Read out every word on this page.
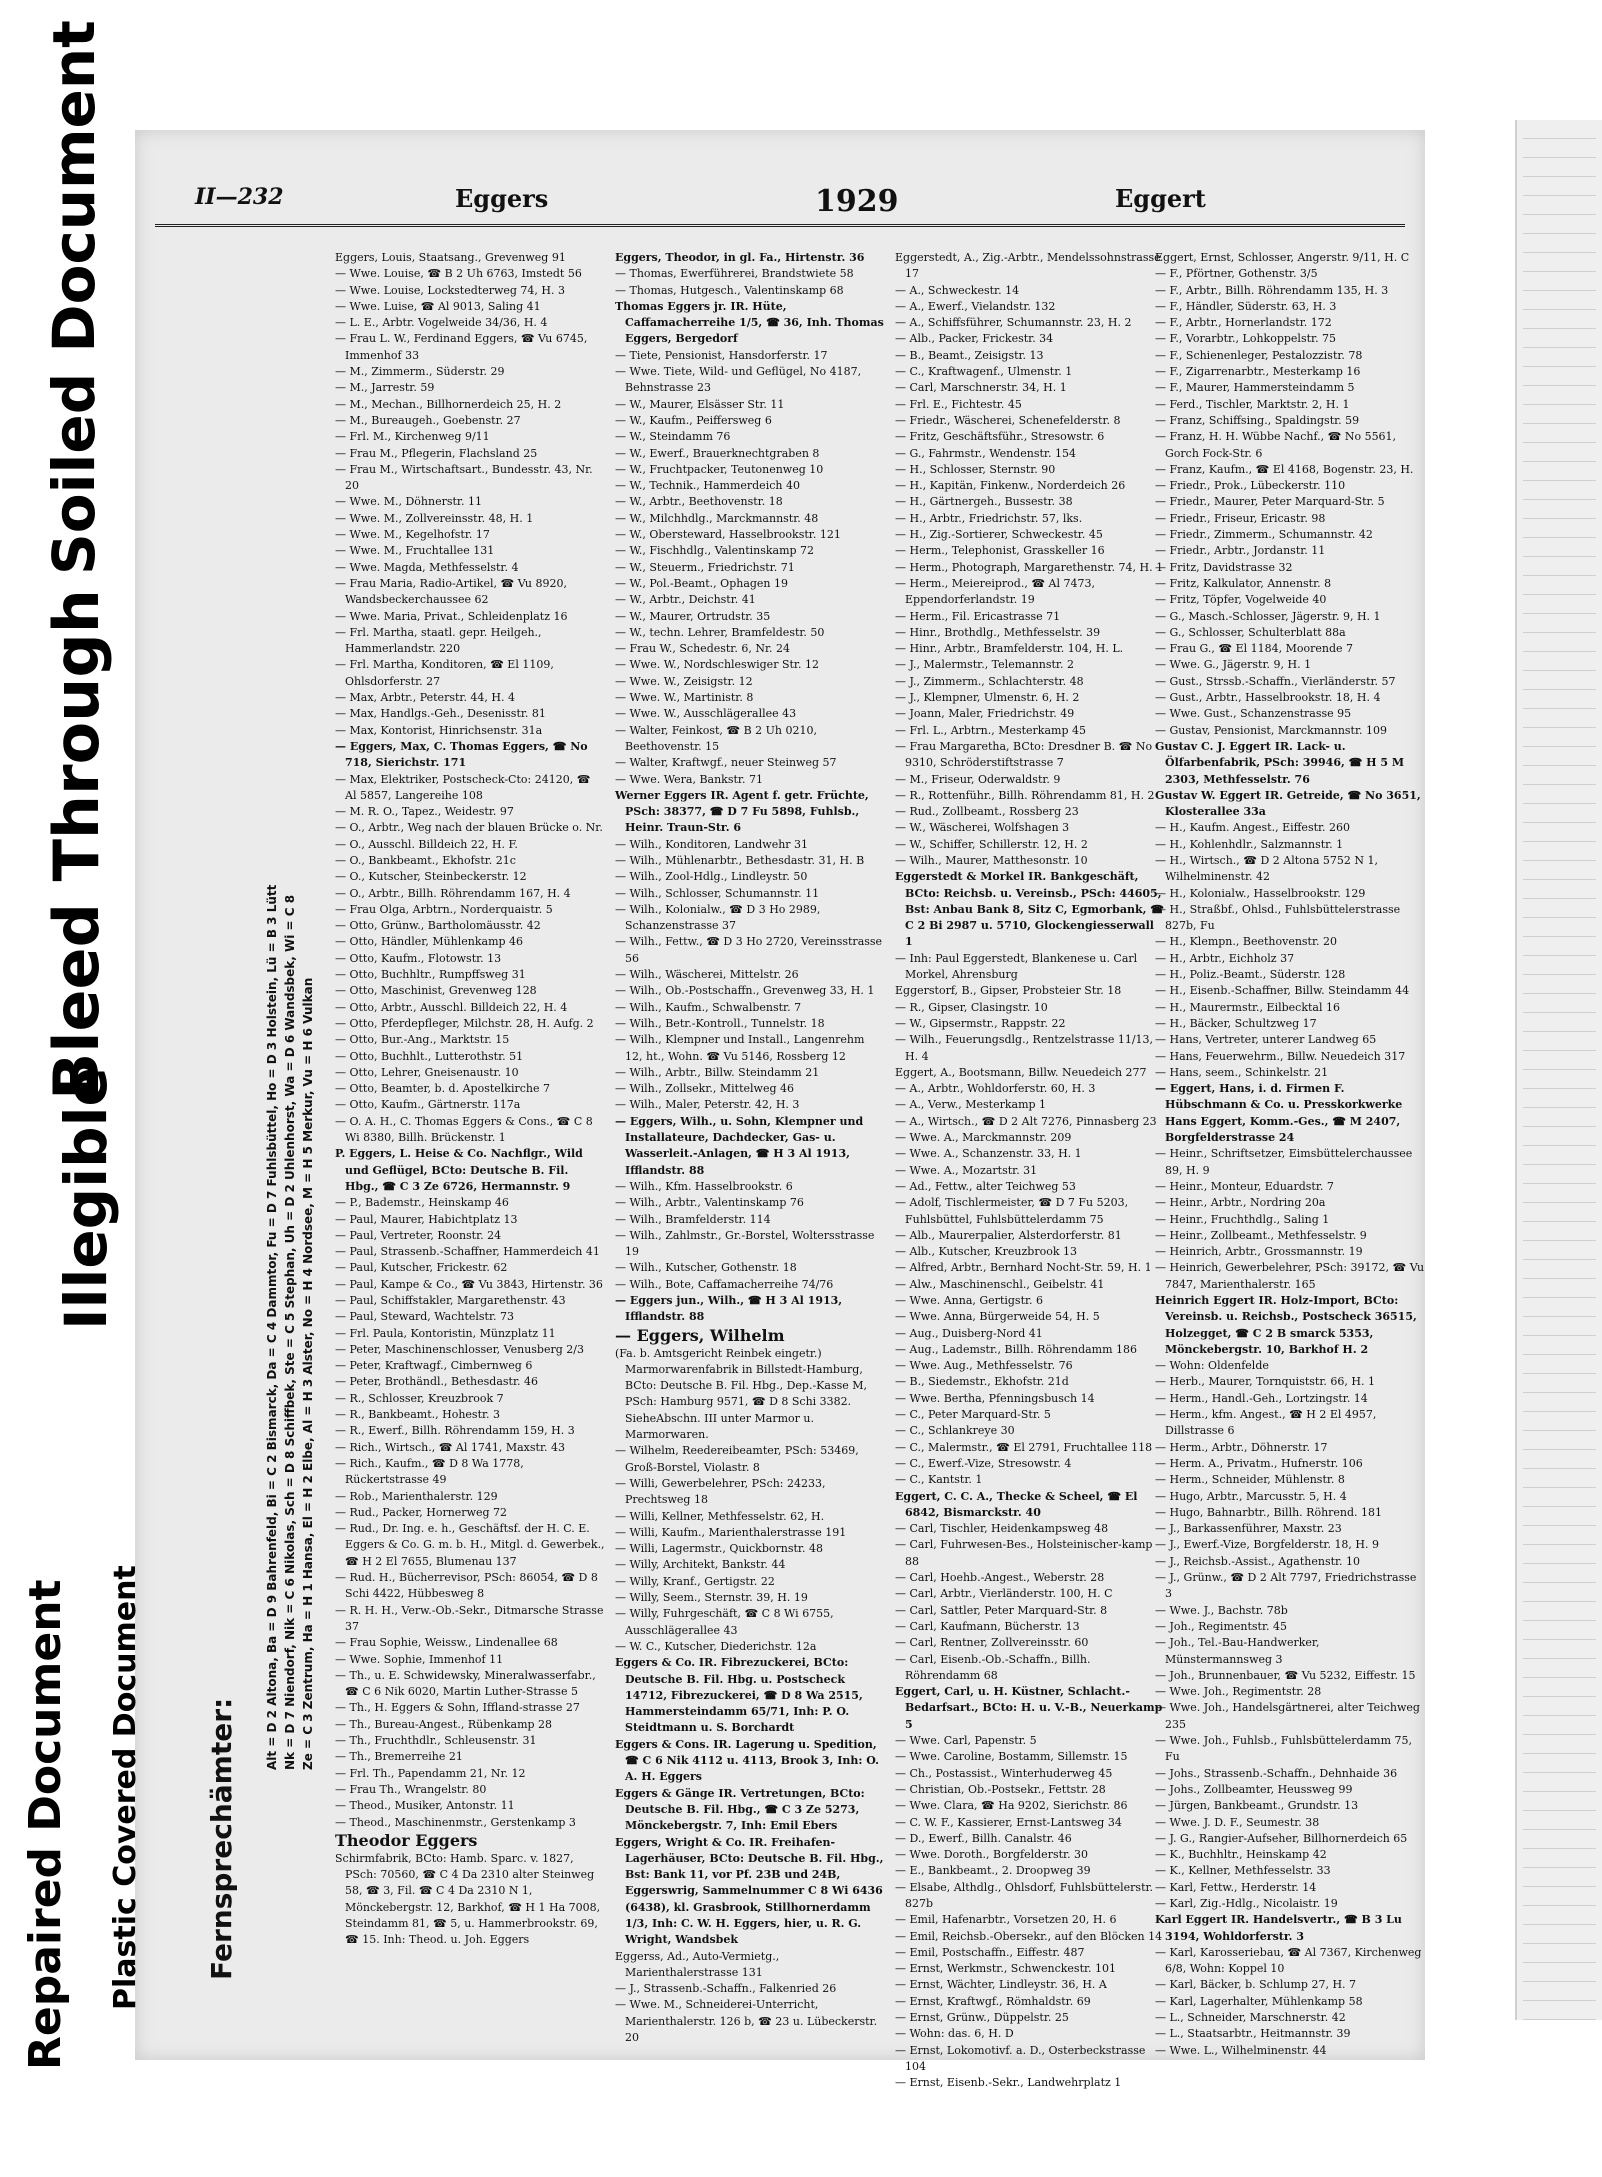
II—232	Eggers	1929	Eggert
Fernsprechämter:
Alt = D 2 Altona, Ba = D 9 Bahrenfeld, Bi = C 2 Bismarck, Da = C 4 Dammtor, Fu = D 7 Fuhlsbüttel, Ho = D 3 Holstein, Lü = B 3 Lütt Nk = D 7 Niendorf, Nik = C 6 Nikolas, Sch = D 8 Schiffbek, Ste = C 5 Stephan, Uh = D 2 Uhlenhorst, Wa = D 6 Wandsbek, Wi = C 8 Ze = C 3 Zentrum, Ha = H 1 Hansa, El = H 2 Elbe, Al = H 3 Alster, No = H 4 Nordsee, M = H 5 Merkur, Vu = H 6 Vulkan

Eggers, Louis, Staatsang., Grevenweg 91

— Wwe. Louise, ☎ B 2 Uh 6763, Imstedt 56

— Wwe. Louise, Lockstedterweg 74, H. 3

— Wwe. Luise, ☎ Al 9013, Saling 41

— L. E., Arbtr. Vogelweide 34/36, H. 4

— Frau L. W., Ferdinand Eggers, ☎ Vu 6745, Immenhof 33

— M., Zimmerm., Süderstr. 29

— M., Jarrestr. 59

— M., Mechan., Billhornerdeich 25, H. 2

— M., Bureaugeh., Goebenstr. 27

— Frl. M., Kirchenweg 9/11

— Frau M., Pflegerin, Flachsland 25

— Frau M., Wirtschaftsart., Bundesstr. 43, Nr. 20

— Wwe. M., Döhnerstr. 11

— Wwe. M., Zollvereinsstr. 48, H. 1

— Wwe. M., Kegelhofstr. 17

— Wwe. M., Fruchtallee 131

— Wwe. Magda, Methfesselstr. 4

— Frau Maria, Radio-Artikel, ☎ Vu 8920, Wandsbeckerchaussee 62

— Wwe. Maria, Privat., Schleidenplatz 16

— Frl. Martha, staatl. gepr. Heilgeh., Hammerlandstr. 220

— Frl. Martha, Konditoren, ☎ El 1109, Ohlsdorferstr. 27

— Max, Arbtr., Peterstr. 44, H. 4

— Max, Handlgs.-Geh., Desenisstr. 81

— Max, Kontorist, Hinrichsenstr. 31a

— Eggers, Max, C. Thomas Eggers, ☎ No 718, Sierichstr. 171

— Max, Elektriker, Postscheck-Cto: 24120, ☎ Al 5857, Langereihe 108

— M. R. O., Tapez., Weidestr. 97

— O., Arbtr., Weg nach der blauen Brücke o. Nr.

— O., Ausschl. Billdeich 22, H. F.

— O., Bankbeamt., Ekhofstr. 21c

— O., Kutscher, Steinbeckerstr. 12

— O., Arbtr., Billh. Röhrendamm 167, H. 4

— Frau Olga, Arbtrn., Norderquaistr. 5

— Otto, Grünw., Bartholomäusstr. 42

— Otto, Händler, Mühlenkamp 46

— Otto, Kaufm., Flotowstr. 13

— Otto, Buchhltr., Rumpffsweg 31

— Otto, Maschinist, Grevenweg 128

— Otto, Arbtr., Ausschl. Billdeich 22, H. 4

— Otto, Pferdepfleger, Milchstr. 28, H. Aufg. 2

— Otto, Bur.-Ang., Marktstr. 15

— Otto, Buchhlt., Lutterothstr. 51

— Otto, Lehrer, Gneisenaustr. 10

— Otto, Beamter, b. d. Apostelkirche 7

— Otto, Kaufm., Gärtnerstr. 117a

— O. A. H., C. Thomas Eggers & Cons., ☎ C 8 Wi 8380, Billh. Brückenstr. 1

P. Eggers, L. Heise & Co. Nachflgr., Wild und Geflügel, BCto: Deutsche B. Fil. Hbg., ☎ C 3 Ze 6726, Hermannstr. 9

— P., Bademstr., Heinskamp 46

— Paul, Maurer, Habichtplatz 13

— Paul, Vertreter, Roonstr. 24

— Paul, Strassenb.-Schaffner, Hammerdeich 41

— Paul, Kutscher, Frickestr. 62

— Paul, Kampe & Co., ☎ Vu 3843, Hirtenstr. 36

— Paul, Schiffstakler, Margarethenstr. 43

— Paul, Steward, Wachtelstr. 73

— Frl. Paula, Kontoristin, Münzplatz 11

— Peter, Maschinenschlosser, Venusberg 2/3

— Peter, Kraftwagf., Cimbernweg 6

— Peter, Brothändl., Bethesdastr. 46

— R., Schlosser, Kreuzbrook 7

— R., Bankbeamt., Hohestr. 3

— R., Ewerf., Billh. Röhrendamm 159, H. 3

— Rich., Wirtsch., ☎ Al 1741, Maxstr. 43

— Rich., Kaufm., ☎ D 8 Wa 1778, Rückertstrasse 49

— Rob., Marienthalerstr. 129

— Rud., Packer, Hornerweg 72

— Rud., Dr. Ing. e. h., Geschäftsf. der H. C. E. Eggers & Co. G. m. b. H., Mitgl. d. Gewerbek., ☎ H 2 El 7655, Blumenau 137

— Rud. H., Bücherrevisor, PSch: 86054, ☎ D 8 Schi 4422, Hübbesweg 8

— R. H. H., Verw.-Ob.-Sekr., Ditmarsche Strasse 37

— Frau Sophie, Weissw., Lindenallee 68

— Wwe. Sophie, Immenhof 11

— Th., u. E. Schwidewsky, Mineralwasserfabr., ☎ C 6 Nik 6020, Martin Luther-Strasse 5

— Th., H. Eggers & Sohn, Iffland-strasse 27

— Th., Bureau-Angest., Rübenkamp 28

— Th., Fruchthdlr., Schleusenstr. 31

— Th., Bremerreihe 21

— Frl. Th., Papendamm 21, Nr. 12

— Frau Th., Wrangelstr. 80

— Theod., Musiker, Antonstr. 11

— Theod., Maschinenmstr., Gerstenkamp 3

Theodor Eggers

Schirmfabrik, BCto: Hamb. Sparc. v. 1827, PSch: 70560, ☎ C 4 Da 2310 alter Steinweg 58, ☎ 3, Fil. ☎ C 4 Da 2310 N 1, Mönckebergstr. 12, Barkhof, ☎ H 1 Ha 7008, Steindamm 81, ☎ 5, u. Hammerbrookstr. 69, ☎ 15. Inh: Theod. u. Joh. Eggers

Eggers, Theodor, in gl. Fa., Hirtenstr. 36

— Thomas, Ewerführerei, Brandstwiete 58

— Thomas, Hutgesch., Valentinskamp 68

Thomas Eggers jr. IR. Hüte, Caffamacherreihe 1/5, ☎ 36, Inh. Thomas Eggers, Bergedorf

— Tiete, Pensionist, Hansdorferstr. 17

— Wwe. Tiete, Wild- und Geflügel, No 4187, Behnstrasse 23

— W., Maurer, Elsässer Str. 11

— W., Kaufm., Peiffersweg 6

— W., Steindamm 76

— W., Ewerf., Brauerknechtgraben 8

— W., Fruchtpacker, Teutonenweg 10

— W., Technik., Hammerdeich 40

— W., Arbtr., Beethovenstr. 18

— W., Milchhdlg., Marckmannstr. 48

— W., Obersteward, Hasselbrookstr. 121

— W., Fischhdlg., Valentinskamp 72

— W., Steuerm., Friedrichstr. 71

— W., Pol.-Beamt., Ophagen 19

— W., Arbtr., Deichstr. 41

— W., Maurer, Ortrudstr. 35

— W., techn. Lehrer, Bramfeldestr. 50

— Frau W., Schedestr. 6, Nr. 24

— Wwe. W., Nordschleswiger Str. 12

— Wwe. W., Zeisigstr. 12

— Wwe. W., Martinistr. 8

— Wwe. W., Ausschlägerallee 43

— Walter, Feinkost, ☎ B 2 Uh 0210, Beethovenstr. 15

— Walter, Kraftwgf., neuer Steinweg 57

— Wwe. Wera, Bankstr. 71

Werner Eggers IR. Agent f. getr. Früchte, PSch: 38377, ☎ D 7 Fu 5898, Fuhlsb., Heinr. Traun-Str. 6

— Wilh., Konditoren, Landwehr 31

— Wilh., Mühlenarbtr., Bethesdastr. 31, H. B

— Wilh., Zool-Hdlg., Lindleystr. 50

— Wilh., Schlosser, Schumannstr. 11

— Wilh., Kolonialw., ☎ D 3 Ho 2989, Schanzenstrasse 37

— Wilh., Fettw., ☎ D 3 Ho 2720, Vereinsstrasse 56

— Wilh., Wäscherei, Mittelstr. 26

— Wilh., Ob.-Postschaffn., Grevenweg 33, H. 1

— Wilh., Kaufm., Schwalbenstr. 7

— Wilh., Betr.-Kontroll., Tunnelstr. 18

— Wilh., Klempner und Install., Langenrehm 12, ht., Wohn. ☎ Vu 5146, Rossberg 12

— Wilh., Arbtr., Billw. Steindamm 21

— Wilh., Zollsekr., Mittelweg 46

— Wilh., Maler, Peterstr. 42, H. 3

— Eggers, Wilh., u. Sohn, Klempner und Installateure, Dachdecker, Gas- u. Wasserleit.-Anlagen, ☎ H 3 Al 1913, Ifflandstr. 88

— Wilh., Kfm. Hasselbrookstr. 6

— Wilh., Arbtr., Valentinskamp 76

— Wilh., Bramfelderstr. 114

— Wilh., Zahlmstr., Gr.-Borstel, Woltersstrasse 19

— Wilh., Kutscher, Gothenstr. 18

— Wilh., Bote, Caffamacherreihe 74/76

— Eggers jun., Wilh., ☎ H 3 Al 1913, Ifflandstr. 88

— Eggers, Wilhelm

(Fa. b. Amtsgericht Reinbek eingetr.) Marmorwarenfabrik in Billstedt-Hamburg, BCto: Deutsche B. Fil. Hbg., Dep.-Kasse M, PSch: Hamburg 9571, ☎ D 8 Schi 3382. SieheAbschn. III unter Marmor u. Marmorwaren.

— Wilhelm, Reedereibeamter, PSch: 53469, Groß-Borstel, Violastr. 8

— Willi, Gewerbelehrer, PSch: 24233, Prechtsweg 18

— Willi, Kellner, Methfesselstr. 62, H.

— Willi, Kaufm., Marienthalerstrasse 191

— Willi, Lagermstr., Quickbornstr. 48

— Willy, Architekt, Bankstr. 44

— Willy, Kranf., Gertigstr. 22

— Willy, Seem., Sternstr. 39, H. 19

— Willy, Fuhrgeschäft, ☎ C 8 Wi 6755, Ausschlägerallee 43

— W. C., Kutscher, Diederichstr. 12a

Eggers & Co. IR. Fibrezuckerei, BCto: Deutsche B. Fil. Hbg. u. Postscheck 14712, Fibrezuckerei, ☎ D 8 Wa 2515, Hammersteindamm 65/71, Inh: P. O. Steidtmann u. S. Borchardt

Eggers & Cons. IR. Lagerung u. Spedition, ☎ C 6 Nik 4112 u. 4113, Brook 3, Inh: O. A. H. Eggers

Eggers & Gänge IR. Vertretungen, BCto: Deutsche B. Fil. Hbg., ☎ C 3 Ze 5273, Mönckebergstr. 7, Inh: Emil Ebers

Eggers, Wright & Co. IR. Freihafen-Lagerhäuser, BCto: Deutsche B. Fil. Hbg., Bst: Bank 11, vor Pf. 23B und 24B, Eggerswrig, Sammelnummer C 8 Wi 6436 (6438), kl. Grasbrook, Stillhornerdamm 1/3, Inh: C. W. H. Eggers, hier, u. R. G. Wright, Wandsbek

Eggerss, Ad., Auto-Vermietg., Marienthalerstrasse 131

— J., Strassenb.-Schaffn., Falkenried 26

— Wwe. M., Schneiderei-Unterricht, Marienthalerstr. 126 b, ☎ 23 u. Lübeckerstr. 20

Eggerstedt, A., Zig.-Arbtr., Mendelssohnstrasse 17

— A., Schweckestr. 14

— A., Ewerf., Vielandstr. 132

— A., Schiffsführer, Schumannstr. 23, H. 2

— Alb., Packer, Frickestr. 34

— B., Beamt., Zeisigstr. 13

— C., Kraftwagenf., Ulmenstr. 1

— Carl, Marschnerstr. 34, H. 1

— Frl. E., Fichtestr. 45

— Friedr., Wäscherei, Schenefelderstr. 8

— Fritz, Geschäftsführ., Stresowstr. 6

— G., Fahrmstr., Wendenstr. 154

— H., Schlosser, Sternstr. 90

— H., Kapitän, Finkenw., Norderdeich 26

— H., Gärtnergeh., Bussestr. 38

— H., Arbtr., Friedrichstr. 57, lks.

— H., Zig.-Sortierer, Schweckestr. 45

— Herm., Telephonist, Grasskeller 16

— Herm., Photograph, Margarethenstr. 74, H. 1

— Herm., Meiereiprod., ☎ Al 7473, Eppendorferlandstr. 19

— Herm., Fil. Ericastrasse 71

— Hinr., Brothdlg., Methfesselstr. 39

— Hinr., Arbtr., Bramfelderstr. 104, H. L.

— J., Malermstr., Telemannstr. 2

— J., Zimmerm., Schlachterstr. 48

— J., Klempner, Ulmenstr. 6, H. 2

— Joann, Maler, Friedrichstr. 49

— Frl. L., Arbtrn., Mesterkamp 45

— Frau Margaretha, BCto: Dresdner B. ☎ No 9310, Schröderstiftstrasse 7

— M., Friseur, Oderwaldstr. 9

— R., Rottenführ., Billh. Röhrendamm 81, H. 2

— Rud., Zollbeamt., Rossberg 23

— W., Wäscherei, Wolfshagen 3

— W., Schiffer, Schillerstr. 12, H. 2

— Wilh., Maurer, Matthesonstr. 10

Eggerstedt & Morkel IR. Bankgeschäft, BCto: Reichsb. u. Vereinsb., PSch: 44605, Bst: Anbau Bank 8, Sitz C, Egmorbank, ☎ C 2 Bi 2987 u. 5710, Glockengiesserwall 1

— Inh: Paul Eggerstedt, Blankenese u. Carl Morkel, Ahrensburg

Eggerstorf, B., Gipser, Probsteier Str. 18

— R., Gipser, Clasingstr. 10

— W., Gipsermstr., Rappstr. 22

— Wilh., Feuerungsdlg., Rentzelstrasse 11/13, H. 4

Eggert, A., Bootsmann, Billw. Neuedeich 277

— A., Arbtr., Wohldorferstr. 60, H. 3

— A., Verw., Mesterkamp 1

— A., Wirtsch., ☎ D 2 Alt 7276, Pinnasberg 23

— Wwe. A., Marckmannstr. 209

— Wwe. A., Schanzenstr. 33, H. 1

— Wwe. A., Mozartstr. 31

— Ad., Fettw., alter Teichweg 53

— Adolf, Tischlermeister, ☎ D 7 Fu 5203, Fuhlsbüttel, Fuhlsbüttelerdamm 75

— Alb., Maurerpalier, Alsterdorferstr. 81

— Alb., Kutscher, Kreuzbrook 13

— Alfred, Arbtr., Bernhard Nocht-Str. 59, H. 1

— Alw., Maschinenschl., Geibelstr. 41

— Wwe. Anna, Gertigstr. 6

— Wwe. Anna, Bürgerweide 54, H. 5

— Aug., Duisberg-Nord 41

— Aug., Lademstr., Billh. Röhrendamm 186

— Wwe. Aug., Methfesselstr. 76

— B., Siedemstr., Ekhofstr. 21d

— Wwe. Bertha, Pfenningsbusch 14

— C., Peter Marquard-Str. 5

— C., Schlankreye 30

— C., Malermstr., ☎ El 2791, Fruchtallee 118

— C., Ewerf.-Vize, Stresowstr. 4

— C., Kantstr. 1

Eggert, C. C. A., Thecke & Scheel, ☎ El 6842, Bismarckstr. 40

— Carl, Tischler, Heidenkampsweg 48

— Carl, Fuhrwesen-Bes., Holsteinischer-kamp 88

— Carl, Hoehb.-Angest., Weberstr. 28

— Carl, Arbtr., Vierländerstr. 100, H. C

— Carl, Sattler, Peter Marquard-Str. 8

— Carl, Kaufmann, Bücherstr. 13

— Carl, Rentner, Zollvereinsstr. 60

— Carl, Eisenb.-Ob.-Schaffn., Billh. Röhrendamm 68

Eggert, Carl, u. H. Küstner, Schlacht.-Bedarfsart., BCto: H. u. V.-B., Neuerkamp 5

— Wwe. Carl, Papenstr. 5

— Wwe. Caroline, Bostamm, Sillemstr. 15

— Ch., Postassist., Winterhuderweg 45

— Christian, Ob.-Postsekr., Fettstr. 28

— Wwe. Clara, ☎ Ha 9202, Sierichstr. 86

— C. W. F., Kassierer, Ernst-Lantsweg 34

— D., Ewerf., Billh. Canalstr. 46

— Wwe. Doroth., Borgfelderstr. 30

— E., Bankbeamt., 2. Droopweg 39

— Elsabe, Althdlg., Ohlsdorf, Fuhlsbüttelerstr. 827b

— Emil, Hafenarbtr., Vorsetzen 20, H. 6

— Emil, Reichsb.-Obersekr., auf den Blöcken 14

— Emil, Postschaffn., Eiffestr. 487

— Ernst, Werkmstr., Schwenckestr. 101

— Ernst, Wächter, Lindleystr. 36, H. A

— Ernst, Kraftwgf., Römhaldstr. 69

— Ernst, Grünw., Düppelstr. 25

— Wohn: das. 6, H. D

— Ernst, Lokomotivf. a. D., Osterbeckstrasse 104

— Ernst, Eisenb.-Sekr., Landwehrplatz 1

Eggert, Ernst, Schlosser, Angerstr. 9/11, H. C

— F., Pförtner, Gothenstr. 3/5

— F., Arbtr., Billh. Röhrendamm 135, H. 3

— F., Händler, Süderstr. 63, H. 3

— F., Arbtr., Hornerlandstr. 172

— F., Vorarbtr., Lohkoppelstr. 75

— F., Schienenleger, Pestalozzistr. 78

— F., Zigarrenarbtr., Mesterkamp 16

— F., Maurer, Hammersteindamm 5

— Ferd., Tischler, Marktstr. 2, H. 1

— Franz, Schiffsing., Spaldingstr. 59

— Franz, H. H. Wübbe Nachf., ☎ No 5561, Gorch Fock-Str. 6

— Franz, Kaufm., ☎ El 4168, Bogenstr. 23, H.

— Friedr., Prok., Lübeckerstr. 110

— Friedr., Maurer, Peter Marquard-Str. 5

— Friedr., Friseur, Ericastr. 98

— Friedr., Zimmerm., Schumannstr. 42

— Friedr., Arbtr., Jordanstr. 11

— Fritz, Davidstrasse 32

— Fritz, Kalkulator, Annenstr. 8

— Fritz, Töpfer, Vogelweide 40

— G., Masch.-Schlosser, Jägerstr. 9, H. 1

— G., Schlosser, Schulterblatt 88a

— Frau G., ☎ El 1184, Moorende 7

— Wwe. G., Jägerstr. 9, H. 1

— Gust., Strssb.-Schaffn., Vierländerstr. 57

— Gust., Arbtr., Hasselbrookstr. 18, H. 4

— Wwe. Gust., Schanzenstrasse 95

— Gustav, Pensionist, Marckmannstr. 109

Gustav C. J. Eggert IR. Lack- u. Ölfarbenfabrik, PSch: 39946, ☎ H 5 M 2303, Methfesselstr. 76

Gustav W. Eggert IR. Getreide, ☎ No 3651, Klosterallee 33a

— H., Kaufm. Angest., Eiffestr. 260

— H., Kohlenhdlr., Salzmannstr. 1

— H., Wirtsch., ☎ D 2 Altona 5752 N 1, Wilhelminenstr. 42

— H., Kolonialw., Hasselbrookstr. 129

— H., Straßbf., Ohlsd., Fuhlsbüttelerstrasse 827b, Fu

— H., Klempn., Beethovenstr. 20

— H., Arbtr., Eichholz 37

— H., Poliz.-Beamt., Süderstr. 128

— H., Eisenb.-Schaffner, Billw. Steindamm 44

— H., Maurermstr., Eilbecktal 16

— H., Bäcker, Schultzweg 17

— Hans, Vertreter, unterer Landweg 65

— Hans, Feuerwehrm., Billw. Neuedeich 317

— Hans, seem., Schinkelstr. 21

— Eggert, Hans, i. d. Firmen F. Hübschmann & Co. u. Presskorkwerke Hans Eggert, Komm.-Ges., ☎ M 2407, Borgfelderstrasse 24

— Heinr., Schriftsetzer, Eimsbüttelerchaussee 89, H. 9

— Heinr., Monteur, Eduardstr. 7

— Heinr., Arbtr., Nordring 20a

— Heinr., Fruchthdlg., Saling 1

— Heinr., Zollbeamt., Methfesselstr. 9

— Heinrich, Arbtr., Grossmannstr. 19

— Heinrich, Gewerbelehrer, PSch: 39172, ☎ Vu 7847, Marienthalerstr. 165

Heinrich Eggert IR. Holz-Import, BCto: Vereinsb. u. Reichsb., Postscheck 36515, Holzegget, ☎ C 2 B smarck 5353, Mönckebergstr. 10, Barkhof H. 2

— Wohn: Oldenfelde

— Herb., Maurer, Tornquiststr. 66, H. 1

— Herm., Handl.-Geh., Lortzingstr. 14

— Herm., kfm. Angest., ☎ H 2 El 4957, Dillstrasse 6

— Herm., Arbtr., Döhnerstr. 17

— Herm. A., Privatm., Hufnerstr. 106

— Herm., Schneider, Mühlenstr. 8

— Hugo, Arbtr., Marcusstr. 5, H. 4

— Hugo, Bahnarbtr., Billh. Röhrend. 181

— J., Barkassenführer, Maxstr. 23

— J., Ewerf.-Vize, Borgfelderstr. 18, H. 9

— J., Reichsb.-Assist., Agathenstr. 10

— J., Grünw., ☎ D 2 Alt 7797, Friedrichstrasse 3

— Wwe. J., Bachstr. 78b

— Joh., Regimentstr. 45

— Joh., Tel.-Bau-Handwerker, Münstermannsweg 3

— Joh., Brunnenbauer, ☎ Vu 5232, Eiffestr. 15

— Wwe. Joh., Regimentstr. 28

— Wwe. Joh., Handelsgärtnerei, alter Teichweg 235

— Wwe. Joh., Fuhlsb., Fuhlsbüttelerdamm 75, Fu

— Johs., Strassenb.-Schaffn., Dehnhaide 36

— Johs., Zollbeamter, Heussweg 99

— Jürgen, Bankbeamt., Grundstr. 13

— Wwe. J. D. F., Seumestr. 38

— J. G., Rangier-Aufseher, Billhornerdeich 65

— K., Buchhltr., Heinskamp 42

— K., Kellner, Methfesselstr. 33

— Karl, Fettw., Herderstr. 14

— Karl, Zig.-Hdlg., Nicolaistr. 19

Karl Eggert IR. Handelsvertr., ☎ B 3 Lu 3194, Wohldorferstr. 3

— Karl, Karosseriebau, ☎ Al 7367, Kirchenweg 6/8, Wohn: Koppel 10

— Karl, Bäcker, b. Schlump 27, H. 7

— Karl, Lagerhalter, Mühlenkamp 58

— L., Schneider, Marschnerstr. 42

— L., Staatsarbtr., Heitmannstr. 39

— Wwe. L., Wilhelminenstr. 44

Repaired Document Plastic Covered Document
Illegible
Bleed Through
Soiled Document
